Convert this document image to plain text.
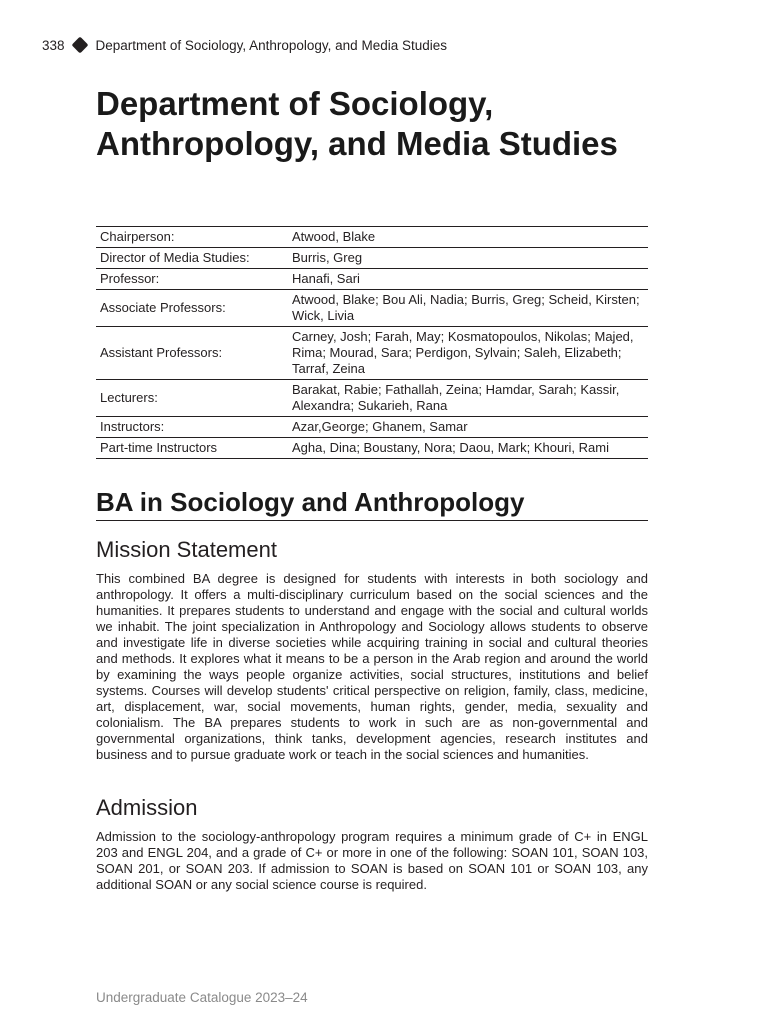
338 Department of Sociology, Anthropology, and Media Studies
Department of Sociology, Anthropology, and Media Studies
Chairperson:	Atwood, Blake
Director of Media Studies:	Burris, Greg
Professor:	Hanafi, Sari
Associate Professors:	Atwood, Blake; Bou Ali, Nadia; Burris, Greg; Scheid, Kirsten; Wick, Livia
Assistant Professors:	Carney, Josh; Farah, May; Kosmatopoulos, Nikolas; Majed, Rima; Mourad, Sara; Perdigon, Sylvain; Saleh, Elizabeth; Tarraf, Zeina
Lecturers:	Barakat, Rabie; Fathallah, Zeina; Hamdar, Sarah; Kassir, Alexandra; Sukarieh, Rana
Instructors:	Azar,George; Ghanem, Samar
Part-time Instructors	Agha, Dina; Boustany, Nora; Daou, Mark; Khouri, Rami
BA in Sociology and Anthropology
Mission Statement

This combined BA degree is designed for students with interests in both sociology and anthropology. It offers a multi-disciplinary curriculum based on the social sciences and the humanities. It prepares students to understand and engage with the social and cultural worlds we inhabit. The joint specialization in Anthropology and Sociology allows students to observe and investigate life in diverse societies while acquiring training in social and cultural theories and methods. It explores what it means to be a person in the Arab region and around the world by examining the ways people organize activities, social structures, institutions and belief systems. Courses will develop students' critical perspective on religion, family, class, medicine, art, displacement, war, social movements, human rights, gender, media, sexuality and colonialism. The BA prepares students to work in such are as non-governmental and governmental organizations, think tanks, development agencies, research institutes and business and to pursue graduate work or teach in the social sciences and humanities.

Admission

Admission to the sociology-anthropology program requires a minimum grade of C+ in ENGL 203 and ENGL 204, and a grade of C+ or more in one of the following: SOAN 101, SOAN 103, SOAN 201, or SOAN 203. If admission to SOAN is based on SOAN 101 or SOAN 103, any additional SOAN or any social science course is required.

Undergraduate Catalogue 2023–24
